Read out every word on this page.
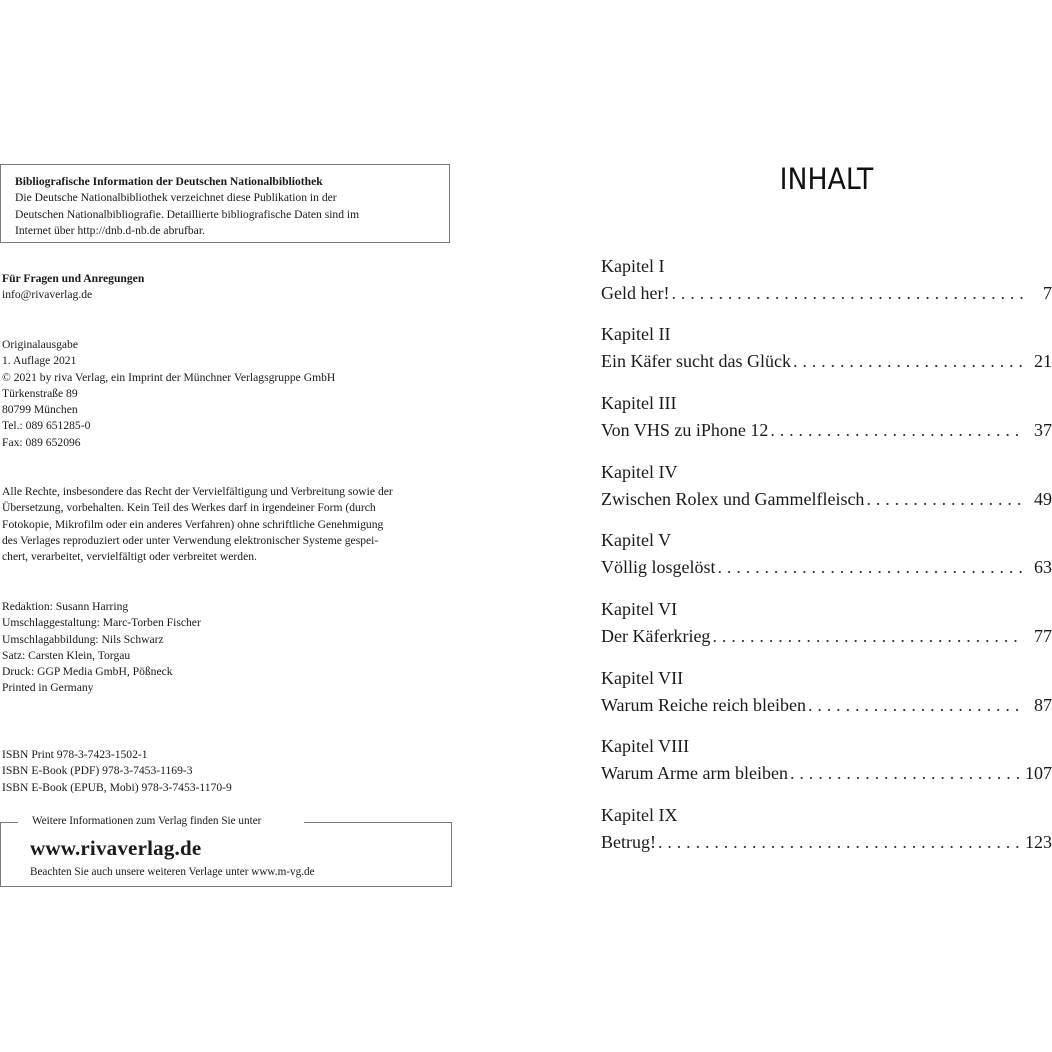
Bibliografische Information der Deutschen Nationalbibliothek
Die Deutsche Nationalbibliothek verzeichnet diese Publikation in der
Deutschen Nationalbibliografie. Detaillierte bibliografische Daten sind im
Internet über http://dnb.d-nb.de abrufbar.
Für Fragen und Anregungen
info@rivaverlag.de
Originalausgabe
1. Auflage 2021
© 2021 by riva Verlag, ein Imprint der Münchner Verlagsgruppe GmbH
Türkenstraße 89
80799 München
Tel.: 089 651285-0
Fax: 089 652096
Alle Rechte, insbesondere das Recht der Vervielfältigung und Verbreitung sowie der
Übersetzung, vorbehalten. Kein Teil des Werkes darf in irgendeiner Form (durch
Fotokopie, Mikrofilm oder ein anderes Verfahren) ohne schriftliche Genehmigung
des Verlages reproduziert oder unter Verwendung elektronischer Systeme gespei-
chert, verarbeitet, vervielfältigt oder verbreitet werden.
Redaktion: Susann Harring
Umschlaggestaltung: Marc-Torben Fischer
Umschlagabbildung: Nils Schwarz
Satz: Carsten Klein, Torgau
Druck: GGP Media GmbH, Pößneck
Printed in Germany
ISBN Print 978-3-7423-1502-1
ISBN E-Book (PDF) 978-3-7453-1169-3
ISBN E-Book (EPUB, Mobi) 978-3-7453-1170-9
Weitere Informationen zum Verlag finden Sie unter
www.rivaverlag.de
Beachten Sie auch unsere weiteren Verlage unter www.m-vg.de
INHALT
Kapitel I
Geld her! . . .	7
Kapitel II
Ein Käfer sucht das Glück . . .	21
Kapitel III
Von VHS zu iPhone 12 . . .	37
Kapitel IV
Zwischen Rolex und Gammelfleisch . . .	49
Kapitel V
Völlig losgelöst . . .	63
Kapitel VI
Der Käferkrieg . . .	77
Kapitel VII
Warum Reiche reich bleiben . . .	87
Kapitel VIII
Warum Arme arm bleiben . . .	107
Kapitel IX
Betrug! . . .	123
